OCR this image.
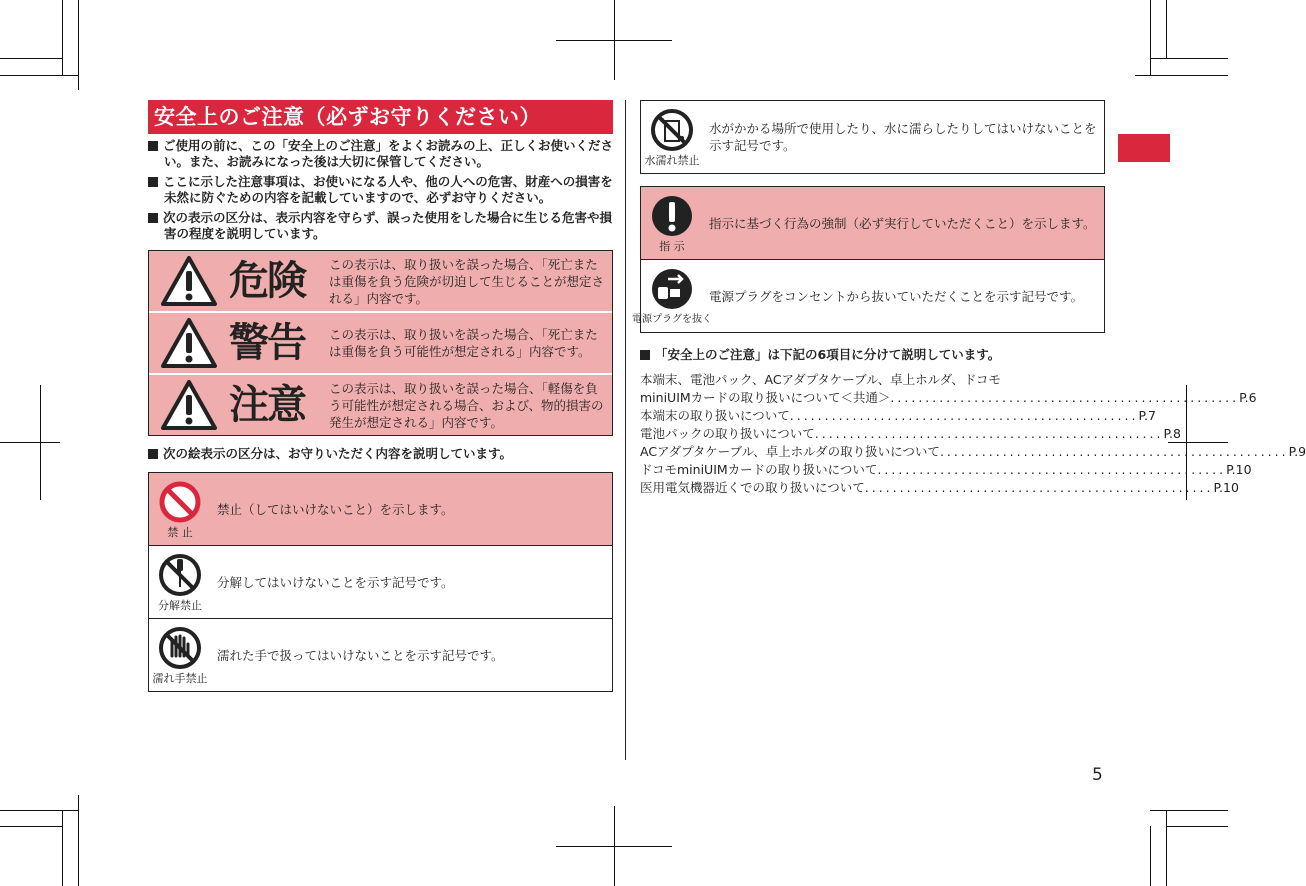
安全上のご注意（必ずお守りください）
ご使用の前に、この「安全上のご注意」をよくお読みの上、正しくお使いください。また、お読みになった後は大切に保管してください。
ここに示した注意事項は、お使いになる人や、他の人への危害、財産への損害を未然に防ぐための内容を記載していますので、必ずお守りください。
次の表示の区分は、表示内容を守らず、誤った使用をした場合に生じる危害や損害の程度を説明しています。
危険	この表示は、取り扱いを誤った場合、「死亡または重傷を負う危険が切迫して生じることが想定される」内容です。
警告	この表示は、取り扱いを誤った場合、「死亡または重傷を負う可能性が想定される」内容です。
注意	この表示は、取り扱いを誤った場合、「軽傷を負う可能性が想定される場合、および、物的損害の発生が想定される」内容です。
次の絵表示の区分は、お守りいただく内容を説明しています。
禁 止
禁止（してはいけないこと）を示します。
分解禁止
分解してはいけないことを示す記号です。
濡れ手禁止
濡れた手で扱ってはいけないことを示す記号です。
水濡れ禁止
水がかかる場所で使用したり、水に濡らしたりしてはいけないことを示す記号です。
指 示
指示に基づく行為の強制（必ず実行していただくこと）を示します。
電源プラグを抜く
電源プラグをコンセントから抜いていただくことを示す記号です。
「安全上のご注意」は下記の6項目に分けて説明しています。
本端末、電池パック、ACアダプタケーブル、卓上ホルダ、ドコモ
miniUIMカードの取り扱いについて＜共通＞ .................................................. P.6
本端末の取り扱いについて .................................................. P.7
電池パックの取り扱いについて .................................................. P.8
ACアダプタケーブル、卓上ホルダの取り扱いについて .................................................. P.9
ドコモminiUIMカードの取り扱いについて .................................................. P.10
医用電気機器近くでの取り扱いについて .................................................. P.10
5
